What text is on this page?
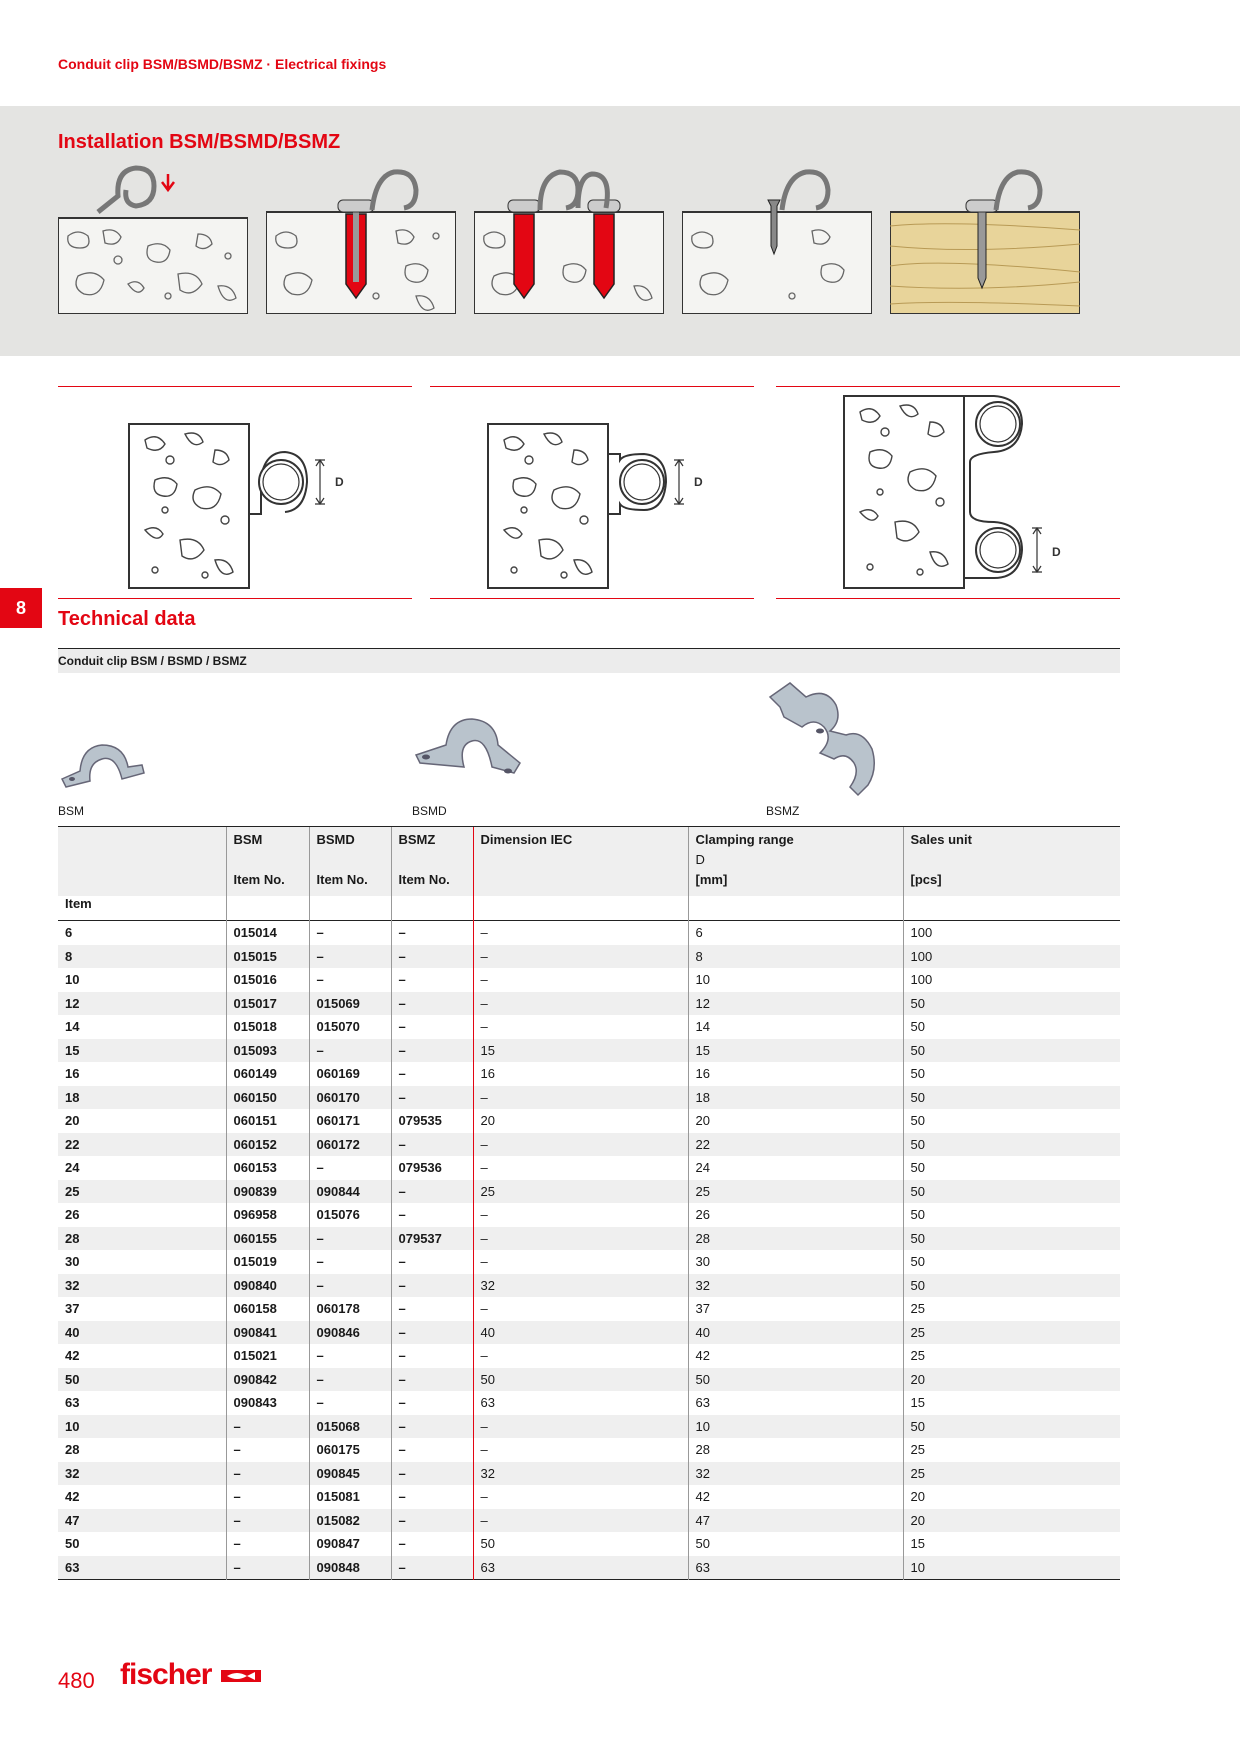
Conduit clip BSM/BSMD/BSMZ · Electrical fixings
Installation BSM/BSMD/BSMZ
D	D
D
8	Technical data
Conduit clip BSM / BSMD / BSMZ
BSM	BSMD	BSMZ
	BSM	BSMD	BSMZ	Dimension IEC	Clamping range	Sales unit
					D	
	Item No.	Item No.	Item No.		[mm]	[pcs]
Item						
6	015014	–	–	–	6	100
8	015015	–	–	–	8	100
10	015016	–	–	–	10	100
12	015017	015069	–	–	12	50
14	015018	015070	–	–	14	50
15	015093	–	–	15	15	50
16	060149	060169	–	16	16	50
18	060150	060170	–	–	18	50
20	060151	060171	079535	20	20	50
22	060152	060172	–	–	22	50
24	060153	–	079536	–	24	50
25	090839	090844	–	25	25	50
26	096958	015076	–	–	26	50
28	060155	–	079537	–	28	50
30	015019	–	–	–	30	50
32	090840	–	–	32	32	50
37	060158	060178	–	–	37	25
40	090841	090846	–	40	40	25
42	015021	–	–	–	42	25
50	090842	–	–	50	50	20
63	090843	–	–	63	63	15
10	–	015068	–	–	10	50
28	–	060175	–	–	28	25
32	–	090845	–	32	32	25
42	–	015081	–	–	42	20
47	–	015082	–	–	47	20
50	–	090847	–	50	50	15
63	–	090848	–	63	63	10
480 fischer
